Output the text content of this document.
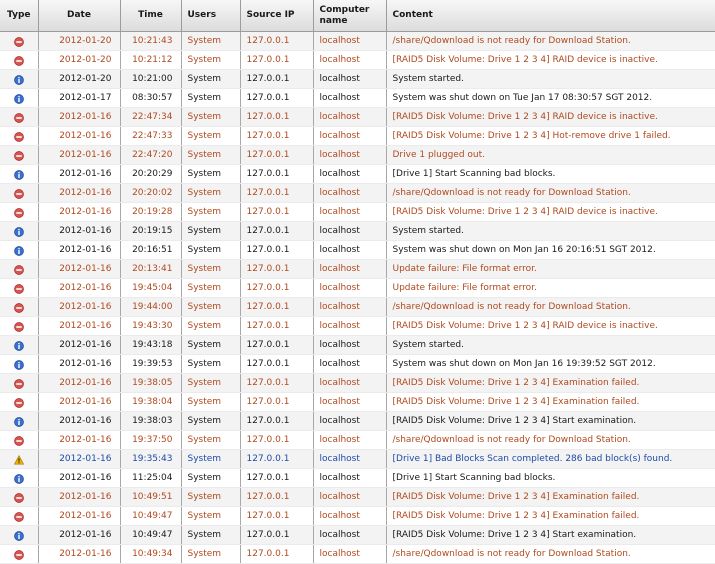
Type	Date	Time	Users	Source IP	Computer name	Content
	2012-01-20	10:21:43	System	127.0.0.1	localhost	/share/Qdownload is not ready for Download Station.
	2012-01-20	10:21:12	System	127.0.0.1	localhost	[RAID5 Disk Volume: Drive 1 2 3 4] RAID device is inactive.
	2012-01-20	10:21:00	System	127.0.0.1	localhost	System started.
	2012-01-17	08:30:57	System	127.0.0.1	localhost	System was shut down on Tue Jan 17 08:30:57 SGT 2012.
	2012-01-16	22:47:34	System	127.0.0.1	localhost	[RAID5 Disk Volume: Drive 1 2 3 4] RAID device is inactive.
	2012-01-16	22:47:33	System	127.0.0.1	localhost	[RAID5 Disk Volume: Drive 1 2 3 4] Hot-remove drive 1 failed.
	2012-01-16	22:47:20	System	127.0.0.1	localhost	Drive 1 plugged out.
	2012-01-16	20:20:29	System	127.0.0.1	localhost	[Drive 1] Start Scanning bad blocks.
	2012-01-16	20:20:02	System	127.0.0.1	localhost	/share/Qdownload is not ready for Download Station.
	2012-01-16	20:19:28	System	127.0.0.1	localhost	[RAID5 Disk Volume: Drive 1 2 3 4] RAID device is inactive.
	2012-01-16	20:19:15	System	127.0.0.1	localhost	System started.
	2012-01-16	20:16:51	System	127.0.0.1	localhost	System was shut down on Mon Jan 16 20:16:51 SGT 2012.
	2012-01-16	20:13:41	System	127.0.0.1	localhost	Update failure: File format error.
	2012-01-16	19:45:04	System	127.0.0.1	localhost	Update failure: File format error.
	2012-01-16	19:44:00	System	127.0.0.1	localhost	/share/Qdownload is not ready for Download Station.
	2012-01-16	19:43:30	System	127.0.0.1	localhost	[RAID5 Disk Volume: Drive 1 2 3 4] RAID device is inactive.
	2012-01-16	19:43:18	System	127.0.0.1	localhost	System started.
	2012-01-16	19:39:53	System	127.0.0.1	localhost	System was shut down on Mon Jan 16 19:39:52 SGT 2012.
	2012-01-16	19:38:05	System	127.0.0.1	localhost	[RAID5 Disk Volume: Drive 1 2 3 4] Examination failed.
	2012-01-16	19:38:04	System	127.0.0.1	localhost	[RAID5 Disk Volume: Drive 1 2 3 4] Examination failed.
	2012-01-16	19:38:03	System	127.0.0.1	localhost	[RAID5 Disk Volume: Drive 1 2 3 4] Start examination.
	2012-01-16	19:37:50	System	127.0.0.1	localhost	/share/Qdownload is not ready for Download Station.
	2012-01-16	19:35:43	System	127.0.0.1	localhost	[Drive 1] Bad Blocks Scan completed. 286 bad block(s) found.
	2012-01-16	11:25:04	System	127.0.0.1	localhost	[Drive 1] Start Scanning bad blocks.
	2012-01-16	10:49:51	System	127.0.0.1	localhost	[RAID5 Disk Volume: Drive 1 2 3 4] Examination failed.
	2012-01-16	10:49:47	System	127.0.0.1	localhost	[RAID5 Disk Volume: Drive 1 2 3 4] Examination failed.
	2012-01-16	10:49:47	System	127.0.0.1	localhost	[RAID5 Disk Volume: Drive 1 2 3 4] Start examination.
	2012-01-16	10:49:34	System	127.0.0.1	localhost	/share/Qdownload is not ready for Download Station.
